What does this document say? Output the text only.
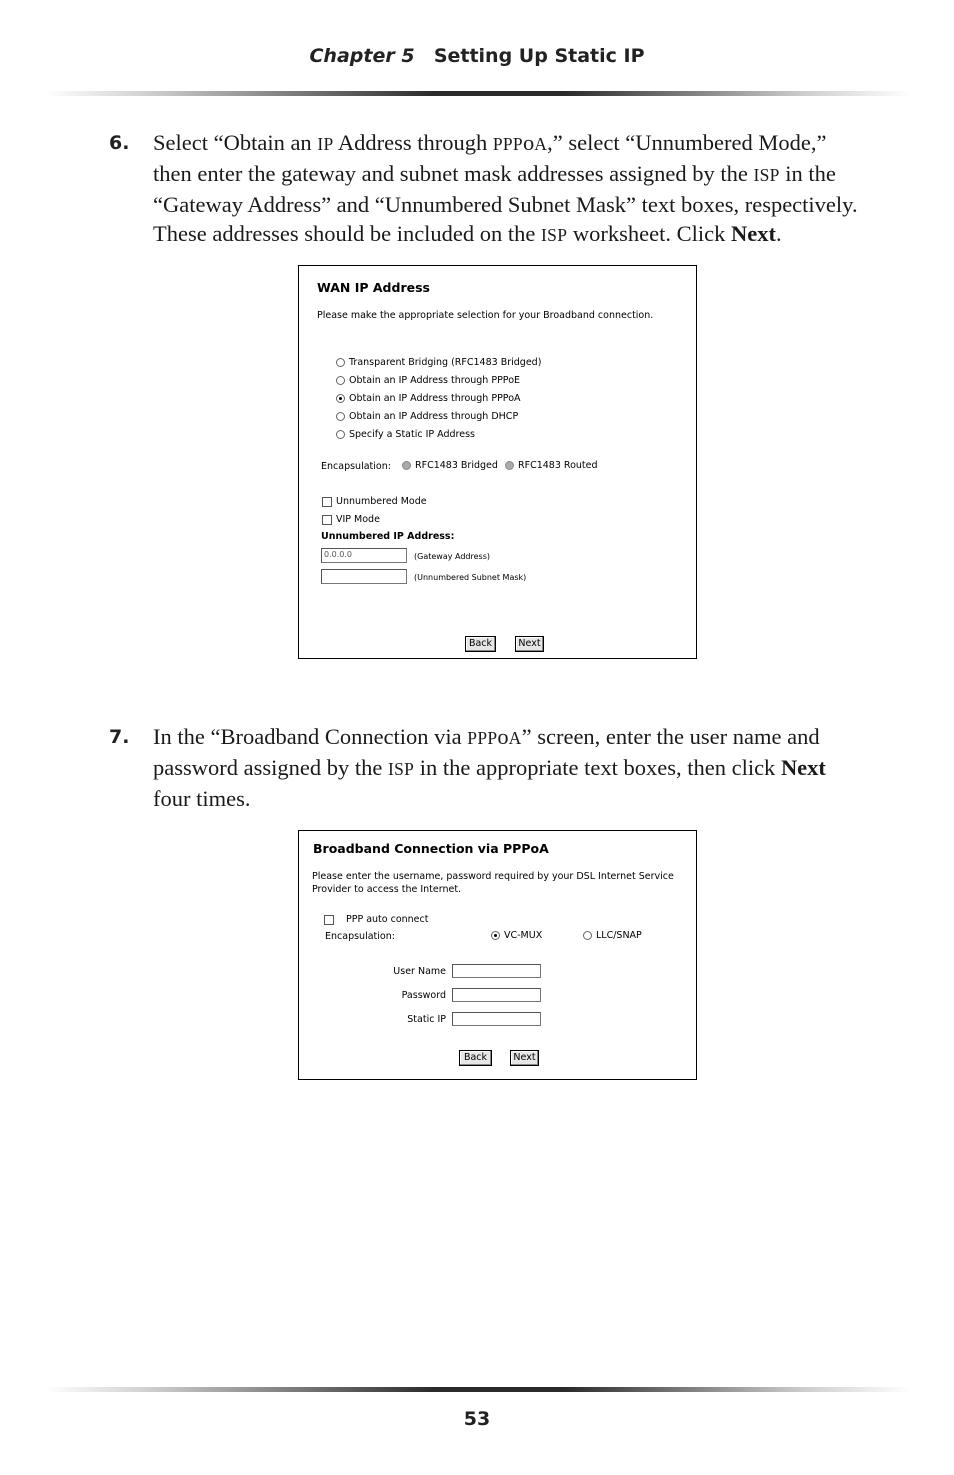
Chapter 5 Setting Up Static IP
6. Select “Obtain an IP Address through PPPoA,” select “Unnumbered Mode,”
then enter the gateway and subnet mask addresses assigned by the ISP in the
“Gateway Address” and “Unnumbered Subnet Mask” text boxes, respectively.
These addresses should be included on the ISP worksheet. Click Next.
WAN IP Address
Please make the appropriate selection for your Broadband connection.
Transparent Bridging (RFC1483 Bridged)
Obtain an IP Address through PPPoE
Obtain an IP Address through PPPoA
Obtain an IP Address through DHCP
Specify a Static IP Address
Encapsulation:	RFC1483 Bridged	RFC1483 Routed
Unnumbered Mode
VIP Mode
Unnumbered IP Address:
0.0.0.0	(Gateway Address)
(Unnumbered Subnet Mask)
Back	Next
7. In the “Broadband Connection via PPPoA” screen, enter the user name and
password assigned by the ISP in the appropriate text boxes, then click Next
four times.
Broadband Connection via PPPoA
Please enter the username, password required by your DSL Internet Service
Provider to access the Internet.
PPP auto connect
Encapsulation:	VC-MUX	LLC/SNAP
User Name
Password
Static IP
Back	Next
53
